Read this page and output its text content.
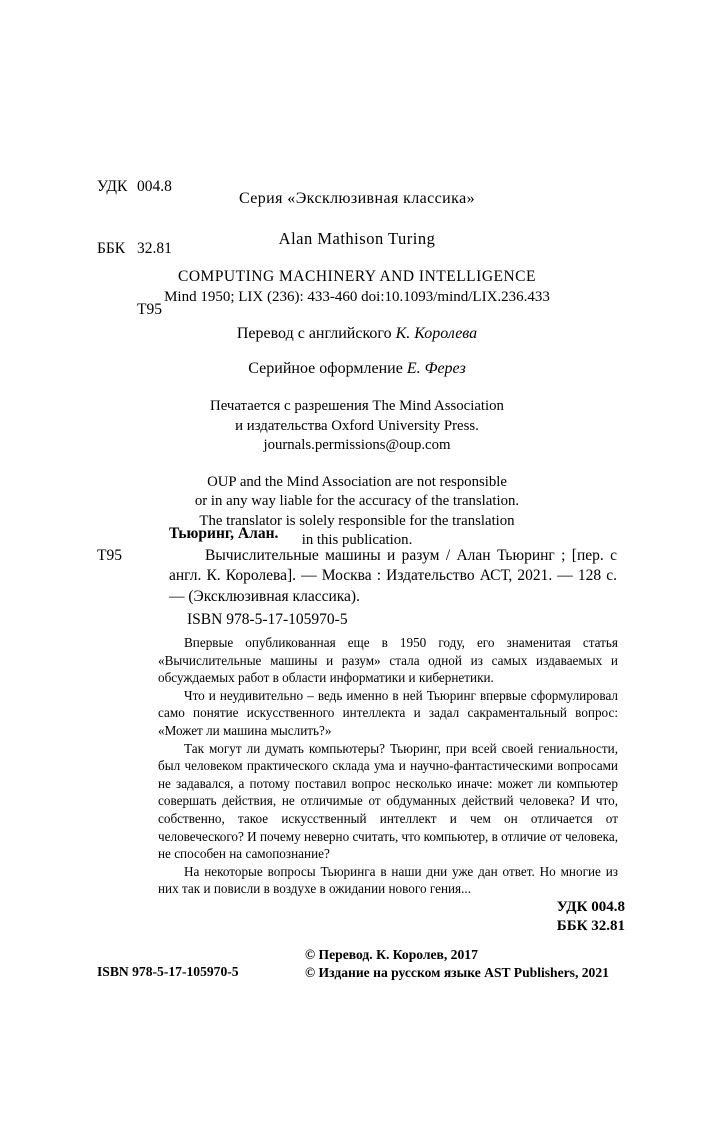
УДК 004.8

ББК 32.81

Т95

Серия «Эксклюзивная классика»
Alan Mathison Turing
COMPUTING MACHINERY AND INTELLIGENCE
Mind 1950; LIX (236): 433-460 doi:10.1093/mind/LIX.236.433
Перевод с английского К. Королева
Серийное оформление Е. Ферез
Печатается с разрешения The Mind Association
и издательства Oxford University Press.
journals.permissions@oup.com
OUP and the Mind Association are not responsible
or in any way liable for the accuracy of the translation.
The translator is solely responsible for the translation
in this publication.
Тьюринг, Алан.
Т95	Вычислительные машины и разум / Алан Тьюринг ; [пер. с англ. К. Королева]. — Москва : Издательство АСТ, 2021. — 128 с. — (Эксклюзивная классика).
ISBN 978-5-17-105970-5

Впервые опубликованная еще в 1950 году, его знаменитая статья «Вычислительные машины и разум» стала одной из самых издаваемых и обсуждаемых работ в области информатики и кибернетики.

Что и неудивительно – ведь именно в ней Тьюринг впервые сформулировал само понятие искусственного интеллекта и задал сакраментальный вопрос: «Может ли машина мыслить?»

Так могут ли думать компьютеры? Тьюринг, при всей своей гениальности, был человеком практического склада ума и научно-фантастическими вопросами не задавался, а потому поставил вопрос несколько иначе: может ли компьютер совершать действия, не отличимые от обдуманных действий человека? И что, собственно, такое искусственный интеллект и чем он отличается от человеческого? И почему неверно считать, что компьютер, в отличие от человека, не способен на самопознание?

На некоторые вопросы Тьюринга в наши дни уже дан ответ. Но многие из них так и повисли в воздухе в ожидании нового гения...

УДК 004.8
ББК 32.81
ISBN 978-5-17-105970-5
© Перевод. К. Королев, 2017
© Издание на русском языке AST Publishers, 2021
